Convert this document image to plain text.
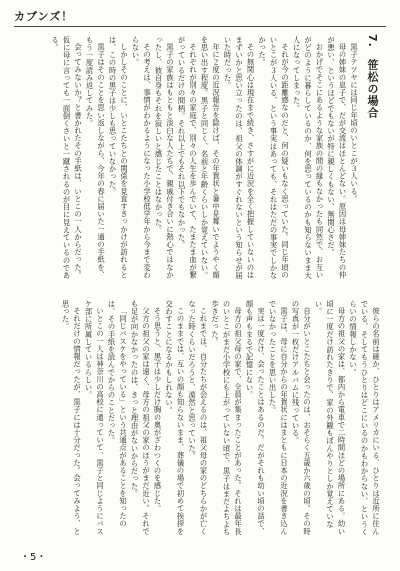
カブンズ！
7. 笹松の場合

黒子テツヤには同じ年頃のいとこが３人いる。

母の姉妹の息子で、だが交流はほとんどない。原因は母姉妹たちの仲が悪い、というほどでもないが特に親しくもない、無関心さだ。

おかげでそこにあるような家族の間の縁もなかったも同然で、お互いがどのように暮らしているのか、何を思っているのかも知らないまま大人になってしまった。

それが今の距離感なのだと、何の疑いもなく思っていた。同じ年頃のいとこが３人いる、という事実はあっても、それはただの事実でしかなかった。

その無関心は現在まで続き、さすがに近況を全く把握していないのはまずいかと思い立ったのは、祖父の体調がすぐれないという知らせが届いた時だった。

年に２度の近況報告を除けば、その年賀状と暑中見舞いでようやく顔を思い出す程度。黒子と同じく、名前と年齢くらいしか覚えていない。

それぞれが別々の家庭で、別々の人生を歩んでいて、たまたま血が繋がっているだけの間柄。それ以上でもそれ以下でもなかった。

黒子の家族はもともと淡白な人たちで、親戚付き合いに熱心ではなかったし、彼自身もそれを寂しいと感じたことはなかった。

その考えは、事情がわかるようになった小学校低学年から今まで変わらない。

しかしそのことに、いとこたちとの関係を見直すきっかけが訪れるとは、この時の黒子は少しも思っていなかった。

黒子はそのことを思い返しながら、今年の春に届いた一通の手紙を、もう一度読み返してみた。

会ってみないか？と書かれたその手紙は、いとこの一人からだった。仮に母に言っても一面倒くさいと一蹴されるのが目に見えているのである。

彼らの名前は確か、ひとりはアメリカにいる、ひとりは近所に住んでいる、そしてもうひとりはどこにいるのかもわからない、というくらいの情報しかない。

母方の祖父の家は、都内から電車で二時間ほどの場所にある。幼い頃に一度だけ訪れたきりで、家の外観もぼんやりとしか覚えていない。

自分がいとこたちと会ったのは、おそらく五歳か六歳の頃。その時の写真が一枚だけアルバムに残っている。

黒子は、母に自分からの年賀状にはまともに日本の近況を書き込んでいなかったことを思い出した。

実は一度だけ、会ったことはあるのだ。だがそれも幼い頃の話で、顔も声もまるで記憶にない。

母方の祖父母の家で、全員が集まったことがあった。それは最年長のいとこがまだ小学校にも上がっていない頃で、黒子はまだよちよち歩きだった。

これまでは、自分たちが会えるのは、祖父母の家のどちらかが亡くなった時くらいだろうと、漠然と思っていた。

このままでは、互いの顔も知らないまま、葬儀の場で初めて挨拶を交わすことになるかもしれない。

そう思うと、黒子は少しだけ胸の奥がざわつくのを感じた。

父方の祖父の家は遠く、母方の祖父の家のほうがまだ近い。それでも足が向かなかったのは、きっと理由がないからだった。

「同じバスケをやっている」という共通点があることを知ったのは、その手紙を読んでからのことだった。

いとこの一人は神奈川の高校に通っていて、黒子と同じようにバスケ部に所属しているらしい。

それだけの情報だったが、黒子には十分だった。会ってみよう、と思った。

・5・
